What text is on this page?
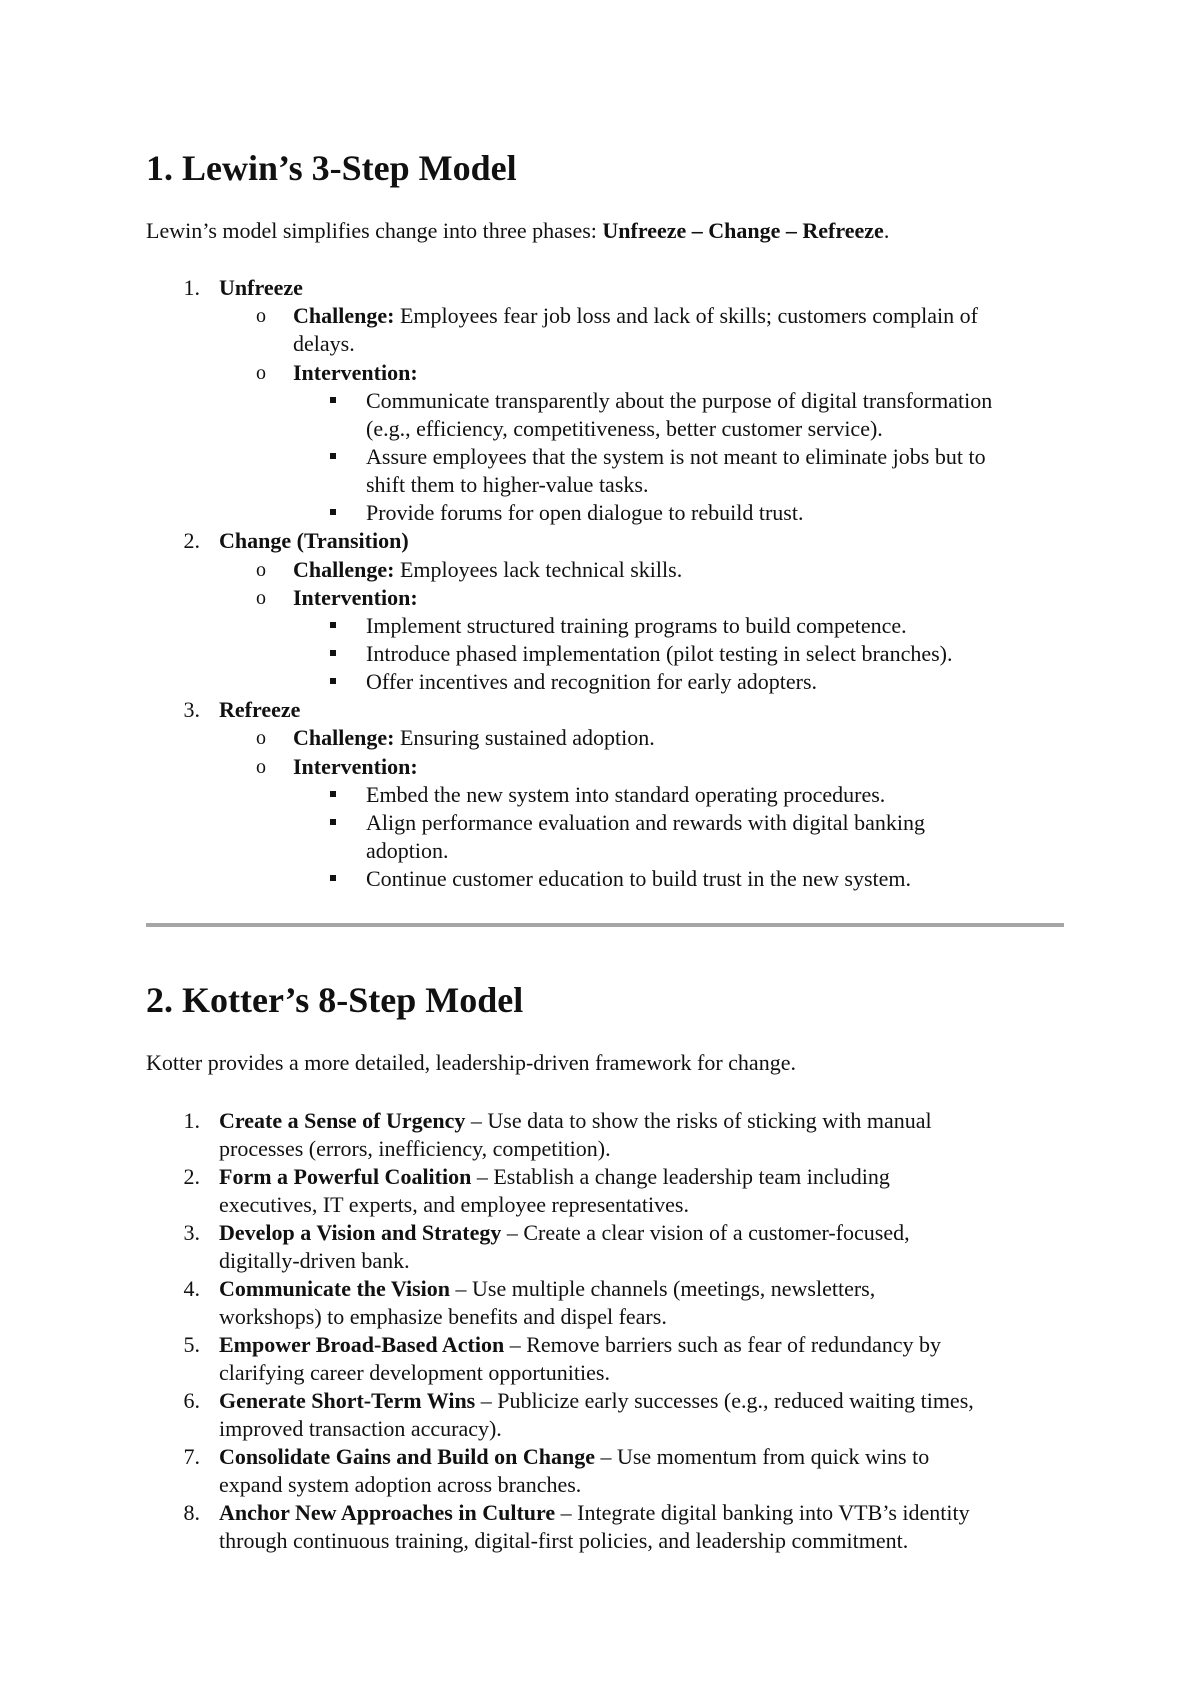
1. Lewin’s 3-Step Model
Lewin’s model simplifies change into three phases: Unfreeze – Change – Refreeze.
1. Unfreeze
o Challenge: Employees fear job loss and lack of skills; customers complain of
delays.
o Intervention:
Communicate transparently about the purpose of digital transformation
(e.g., efficiency, competitiveness, better customer service).
Assure employees that the system is not meant to eliminate jobs but to
shift them to higher-value tasks.
Provide forums for open dialogue to rebuild trust.
2. Change (Transition)
o Challenge: Employees lack technical skills.
o Intervention:
Implement structured training programs to build competence.
Introduce phased implementation (pilot testing in select branches).
Offer incentives and recognition for early adopters.
3. Refreeze
o Challenge: Ensuring sustained adoption.
o Intervention:
Embed the new system into standard operating procedures.
Align performance evaluation and rewards with digital banking
adoption.
Continue customer education to build trust in the new system.
2. Kotter’s 8-Step Model
Kotter provides a more detailed, leadership-driven framework for change.
1. Create a Sense of Urgency – Use data to show the risks of sticking with manual
processes (errors, inefficiency, competition).
2. Form a Powerful Coalition – Establish a change leadership team including
executives, IT experts, and employee representatives.
3. Develop a Vision and Strategy – Create a clear vision of a customer-focused,
digitally-driven bank.
4. Communicate the Vision – Use multiple channels (meetings, newsletters,
workshops) to emphasize benefits and dispel fears.
5. Empower Broad-Based Action – Remove barriers such as fear of redundancy by
clarifying career development opportunities.
6. Generate Short-Term Wins – Publicize early successes (e.g., reduced waiting times,
improved transaction accuracy).
7. Consolidate Gains and Build on Change – Use momentum from quick wins to
expand system adoption across branches.
8. Anchor New Approaches in Culture – Integrate digital banking into VTB’s identity
through continuous training, digital-first policies, and leadership commitment.
